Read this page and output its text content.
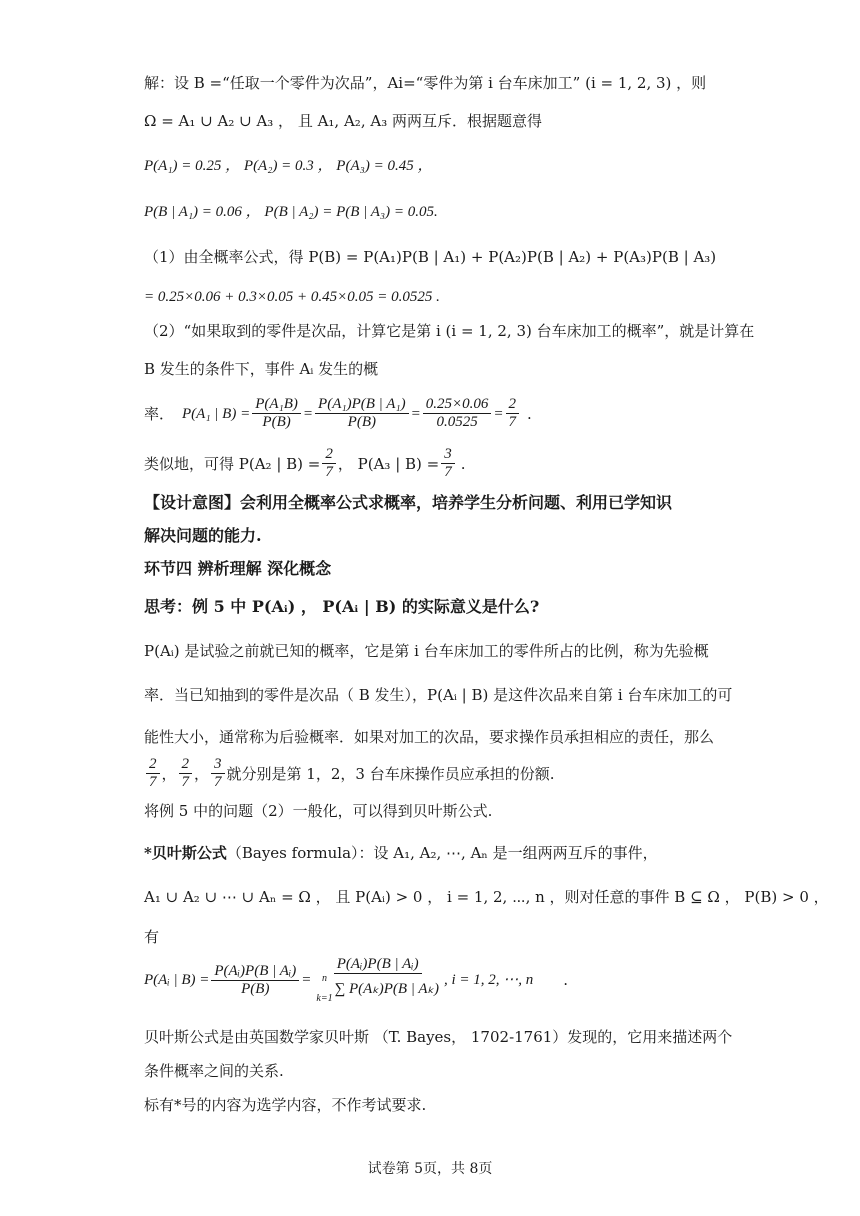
解：设 B =“任取一个零件为次品”，Ai=“零件为第 i 台车床加工” (i = 1, 2, 3) ，则
Ω = A₁ ∪ A₂ ∪ A₃ ， 且 A₁, A₂, A₃ 两两互斥．根据题意得
P(A₁) = 0.25 ， P(A₂) = 0.3 ， P(A₃) = 0.45 ，
P(B | A₁) = 0.06 ， P(B | A₂) = P(B | A₃) = 0.05.
（1）由全概率公式，得 P(B) = P(A₁)P(B | A₁) + P(A₂)P(B | A₂) + P(A₃)P(B | A₃)
= 0.25×0.06 + 0.3×0.05 + 0.45×0.05 = 0.0525 .
（2）“如果取到的零件是次品，计算它是第 i (i = 1, 2, 3) 台车床加工的概率”，就是计算在
B 发生的条件下，事件 Aᵢ 发生的概
率． P(A₁ | $B) = \frac{\text{P(A₁B)}}{P(B)} = \frac{\text{P(A₁)P(B | A₁)}}{P(B)} = \frac{0.25\times 0.06}{0.0525} = \frac{2}{7}$ .
类似地，可得 P(A₂ | $B) = \frac{2}{7}$ ， P(A₃ | $B) = \frac{3}{7}$ .
【设计意图】会利用全概率公式求概率，培养学生分析问题、利用已学知识
解决问题的能力.
环节四 辨析理解 深化概念
思考：例 5 中 P(Aᵢ) ， P(Aᵢ | B) 的实际意义是什么?
P(Aᵢ) 是试验之前就已知的概率，它是第 i 台车床加工的零件所占的比例，称为先验概
率．当已知抽到的零件是次品（ B 发生），P(Aᵢ | B) 是这件次品来自第 i 台车床加工的可
能性大小，通常称为后验概率．如果对加工的次品，要求操作员承担相应的责任，那么
$\frac{2}{7}$ ， $\frac{2}{7}$ ， $\frac{3}{7}$ 就分别是第 1，2，3 台车床操作员应承担的份额.
将例 5 中的问题（2）一般化，可以得到贝叶斯公式.
*贝叶斯公式（Bayes formula）：设 A₁, A₂, ⋯, Aₙ 是一组两两互斥的事件，
A₁ ∪ A₂ ∪ ⋯ ∪ Aₙ = Ω ， 且 P(Aᵢ) > 0 ， i = 1, 2, ⋯, n ，则对任意的事件 B ⊆ Ω ， P(B) > 0 ，
有
P(Aᵢ | $B) = \frac{\text{P(Aᵢ)P(B | Aᵢ)}}{P(B)}$ = P(Aᵢ)P(B | Aᵢ)
n
k=1
∑ P(Aₖ)P(B | Aₖ) , i = 1, 2, ⋯, n .
贝叶斯公式是由英国数学家贝叶斯 （T. Bayes， 1702-1761）发现的，它用来描述两个
条件概率之间的关系.
标有*号的内容为选学内容，不作考试要求.
试卷第 5页，共 8页
